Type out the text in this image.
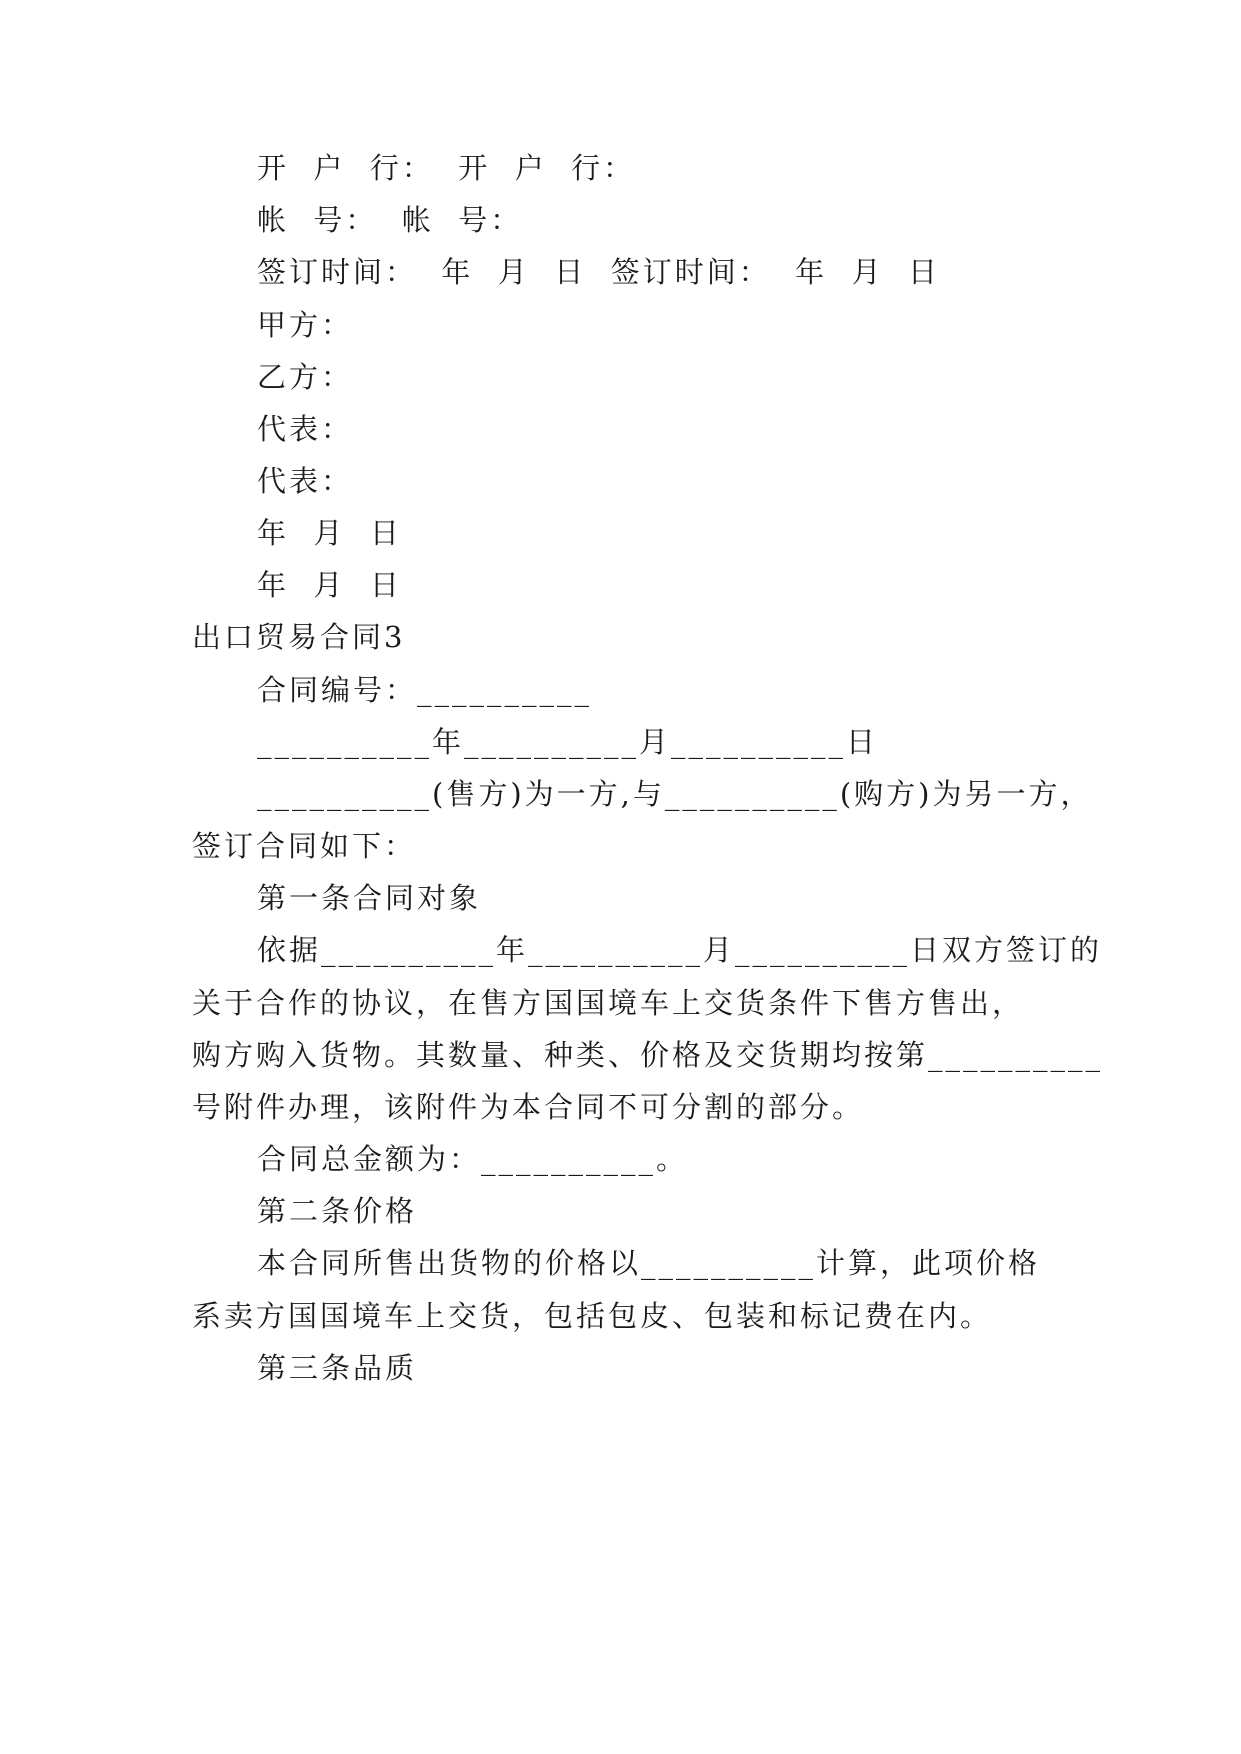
开  户  行：  开  户  行：
帐  号：  帐  号：
签订时间：  年  月  日  签订时间：  年  月  日
甲方：
乙方：
代表：
代表：
年  月  日
年  月  日
出口贸易合同3
合同编号：__________
__________年__________月__________日
__________(售方)为一方,与__________(购方)为另一方，
签订合同如下：
第一条合同对象
依据__________年__________月__________日双方签订的
关于合作的协议，在售方国国境车上交货条件下售方售出，
购方购入货物。其数量、种类、价格及交货期均按第__________
号附件办理，该附件为本合同不可分割的部分。
合同总金额为：__________。
第二条价格
本合同所售出货物的价格以__________计算，此项价格
系卖方国国境车上交货，包括包皮、包装和标记费在内。
第三条品质
